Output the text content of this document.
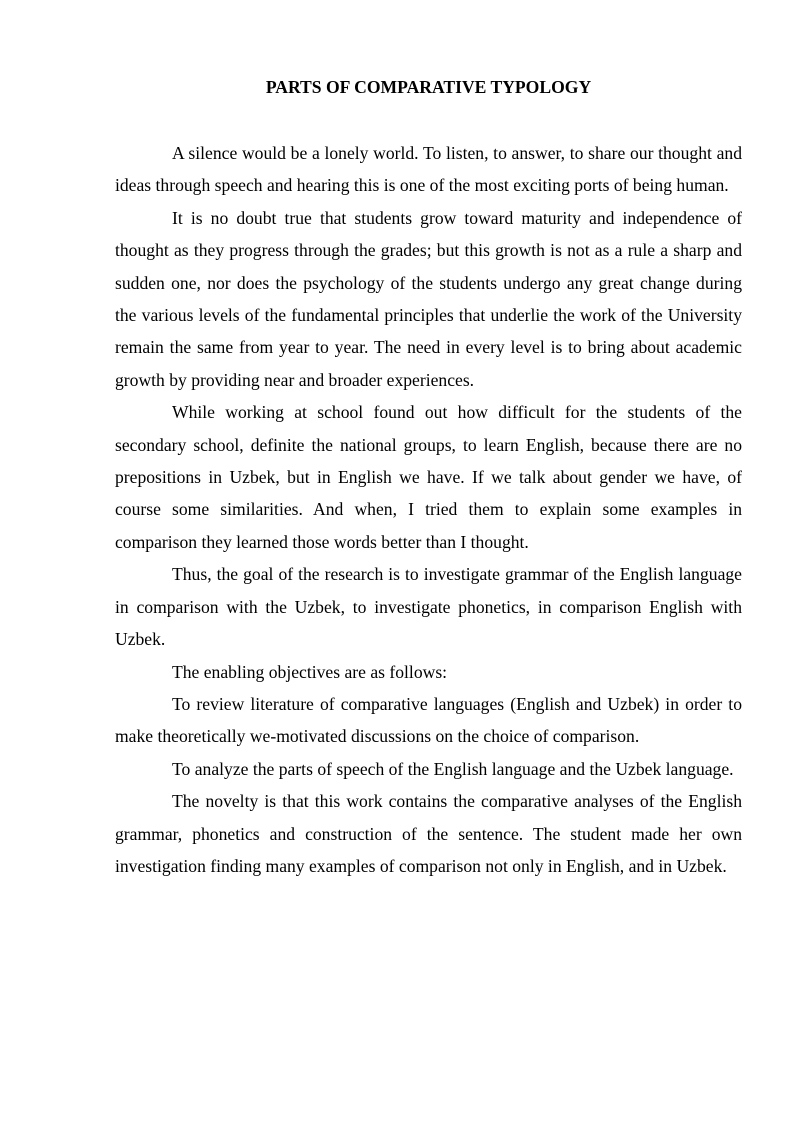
PARTS OF COMPARATIVE TYPOLOGY

A silence would be a lonely world. To listen, to answer, to share our thought and ideas through speech and hearing this is one of the most exciting ports of being human.

It is no doubt true that students grow toward maturity and independence of thought as they progress through the grades; but this growth is not as a rule a sharp and sudden one, nor does the psychology of the students undergo any great change during the various levels of the fundamental principles that underlie the work of the University remain the same from year to year. The need in every level is to bring about academic growth by providing near and broader experiences.

While working at school found out how difficult for the students of the secondary school, definite the national groups, to learn English, because there are no prepositions in Uzbek, but in English we have. If we talk about gender we have, of course some similarities. And when, I tried them to explain some examples in comparison they learned those words better than I thought.

Thus, the goal of the research is to investigate grammar of the English language in comparison with the Uzbek, to investigate phonetics, in comparison English with Uzbek.

The enabling objectives are as follows:

To review literature of comparative languages (English and Uzbek) in order to make theoretically we-motivated discussions on the choice of comparison.

To analyze the parts of speech of the English language and the Uzbek language.

The novelty is that this work contains the comparative analyses of the English grammar, phonetics and construction of the sentence. The student made her own investigation finding many examples of comparison not only in English, and in Uzbek.
